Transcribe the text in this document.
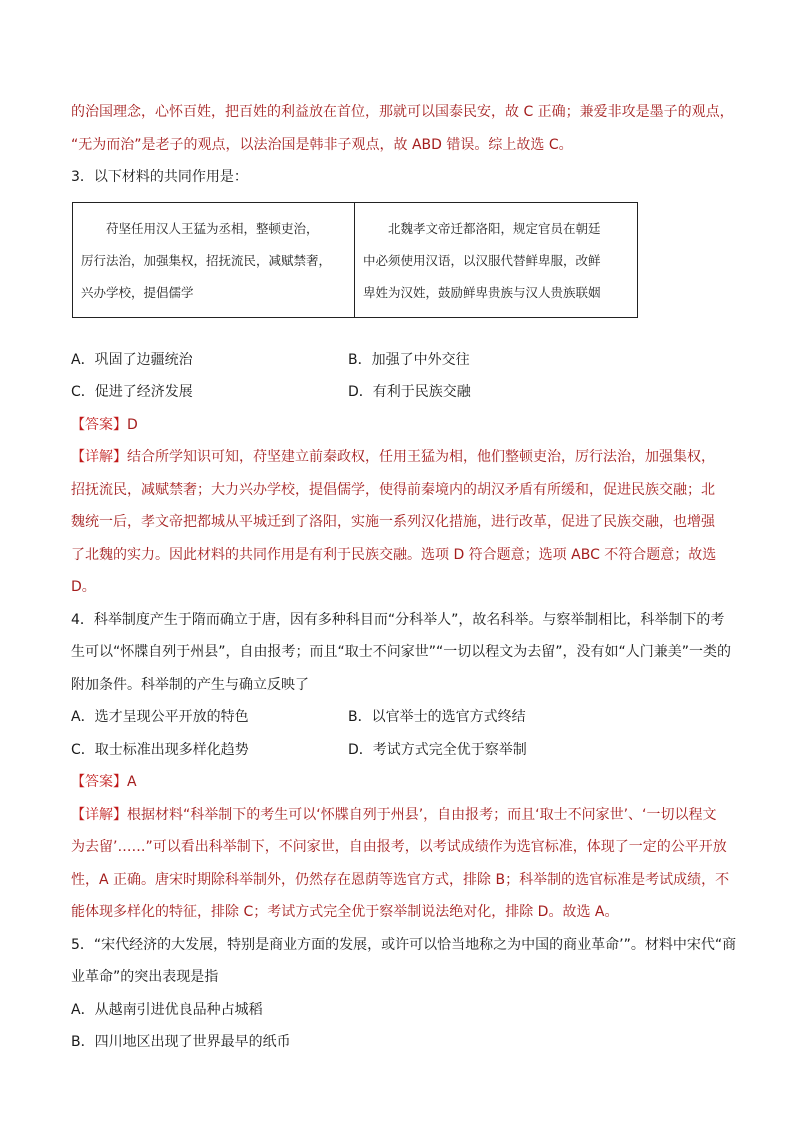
的治国理念，心怀百姓，把百姓的利益放在首位，那就可以国泰民安，故 C 正确；兼爱非攻是墨子的观点，
“无为而治”是老子的观点，以法治国是韩非子观点，故 ABD 错误。综上故选 C。
3．以下材料的共同作用是：
苻坚任用汉人王猛为丞相，整顿吏治，
厉行法治，加强集权，招抚流民，减赋禁奢，
兴办学校，提倡儒学
北魏孝文帝迁都洛阳，规定官员在朝廷
中必须使用汉语，以汉服代替鲜卑服，改鲜
卑姓为汉姓，鼓励鲜卑贵族与汉人贵族联姻
A．巩固了边疆统治	B．加强了中外交往
C．促进了经济发展	D．有利于民族交融
【答案】D
【详解】结合所学知识可知，苻坚建立前秦政权，任用王猛为相，他们整顿吏治，厉行法治，加强集权，
招抚流民，减赋禁奢；大力兴办学校，提倡儒学，使得前秦境内的胡汉矛盾有所缓和，促进民族交融；北
魏统一后，孝文帝把都城从平城迁到了洛阳，实施一系列汉化措施，进行改革，促进了民族交融，也增强
了北魏的实力。因此材料的共同作用是有利于民族交融。选项 D 符合题意；选项 ABC 不符合题意；故选
D。
4．科举制度产生于隋而确立于唐，因有多种科目而“分科举人”，故名科举。与察举制相比，科举制下的考
生可以“怀牒自列于州县”，自由报考；而且“取士不问家世”“一切以程文为去留”，没有如“人门兼美”一类的
附加条件。科举制的产生与确立反映了
A．选才呈现公平开放的特色	B．以官举士的选官方式终结
C．取士标准出现多样化趋势	D．考试方式完全优于察举制
【答案】A
【详解】根据材料“科举制下的考生可以‘怀牒自列于州县’，自由报考；而且‘取士不问家世’、‘一切以程文
为去留’……”可以看出科举制下，不问家世，自由报考，以考试成绩作为选官标准，体现了一定的公平开放
性，A 正确。唐宋时期除科举制外，仍然存在恩荫等选官方式，排除 B；科举制的选官标准是考试成绩，不
能体现多样化的特征，排除 C；考试方式完全优于察举制说法绝对化，排除 D。故选 A。
5．“宋代经济的大发展，特别是商业方面的发展，或许可以恰当地称之为中国的商业革命’”。材料中宋代“商
业革命”的突出表现是指
A．从越南引进优良品种占城稻
B．四川地区出现了世界最早的纸币
